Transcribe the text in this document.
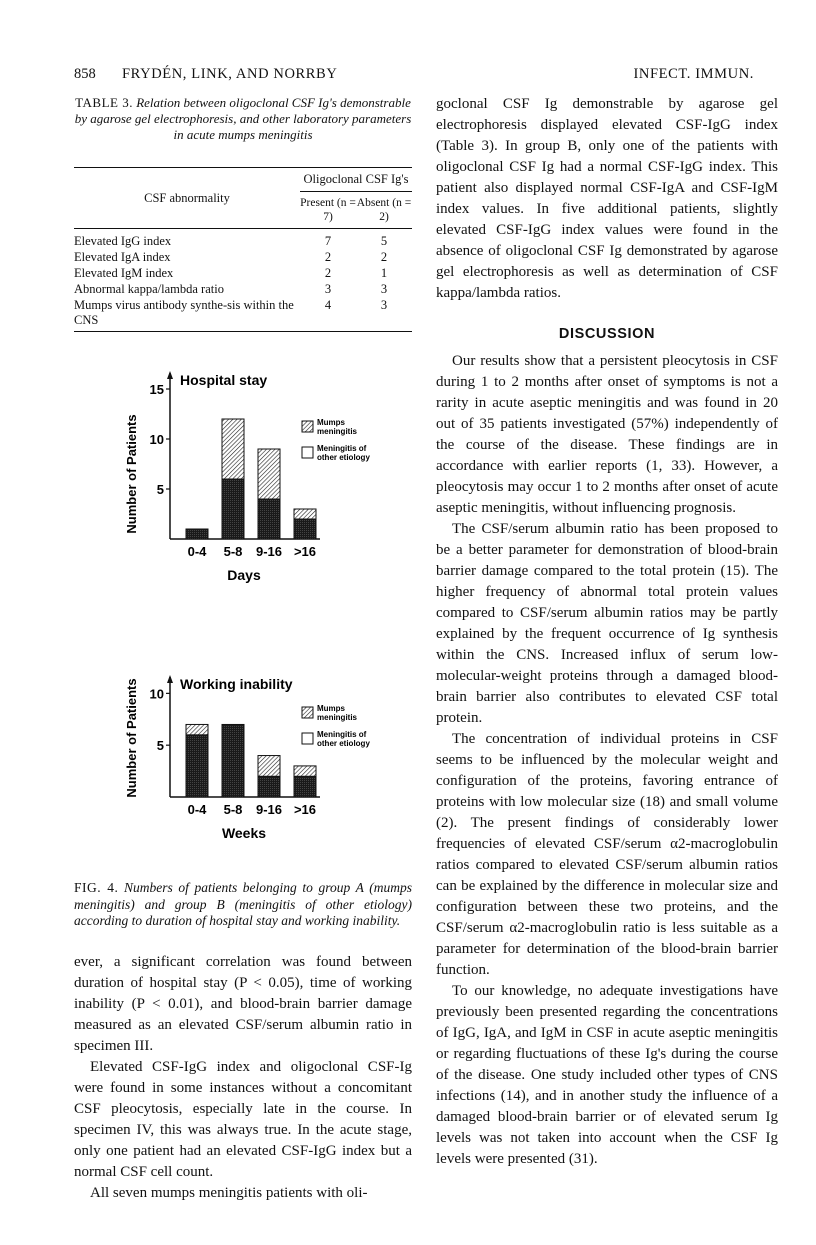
858 FRYDÉN, LINK, AND NORRBY	INFECT. IMMUN.
TABLE 3. Relation between oligoclonal CSF Ig's demonstrable by agarose gel electrophoresis, and other laboratory parameters in acute mumps meningitis
CSF abnormality	Oligoclonal CSF Ig's	
	Present (n = 7)	Absent (n = 2)
Elevated IgG index	7	5
Elevated IgA index	2	2
Elevated IgM index	2	1
Abnormal kappa/lambda ratio	3	3
Mumps virus antibody synthe-sis within the CNS	4	3
Number of Patients 5
10
15
Hospital stay
0-4 5-8 9-16 >16
Mumps
meningitis
Meningitis of
other etiology
Days
Number of Patients 5
10
Working inability
0-4 5-8 9-16 >16
Mumps
meningitis
Meningitis of
other etiology
Weeks
FIG. 4. Numbers of patients belonging to group A (mumps meningitis) and group B (meningitis of other etiology) according to duration of hospital stay and working inability.

ever, a significant correlation was found between duration of hospital stay (P < 0.05), time of working inability (P < 0.01), and blood-brain barrier damage measured as an elevated CSF/serum albumin ratio in specimen III.

Elevated CSF-IgG index and oligoclonal CSF-Ig were found in some instances without a concomitant CSF pleocytosis, especially late in the course. In specimen IV, this was always true. In the acute stage, only one patient had an elevated CSF-IgG index but a normal CSF cell count.

All seven mumps meningitis patients with oli-

goclonal CSF Ig demonstrable by agarose gel electrophoresis displayed elevated CSF-IgG index (Table 3). In group B, only one of the patients with oligoclonal CSF Ig had a normal CSF-IgG index. This patient also displayed normal CSF-IgA and CSF-IgM index values. In five additional patients, slightly elevated CSF-IgG index values were found in the absence of oligoclonal CSF Ig demonstrated by agarose gel electrophoresis as well as determination of CSF kappa/lambda ratios.

DISCUSSION

Our results show that a persistent pleocytosis in CSF during 1 to 2 months after onset of symptoms is not a rarity in acute aseptic meningitis and was found in 20 out of 35 patients investigated (57%) independently of the course of the disease. These findings are in accordance with earlier reports (1, 33). However, a pleocytosis may occur 1 to 2 months after onset of acute aseptic meningitis, without influencing prognosis.

The CSF/serum albumin ratio has been proposed to be a better parameter for demonstration of blood-brain barrier damage compared to the total protein (15). The higher frequency of abnormal total protein values compared to CSF/serum albumin ratios may be partly explained by the frequent occurrence of Ig synthesis within the CNS. Increased influx of serum low-molecular-weight proteins through a damaged blood-brain barrier also contributes to elevated CSF total protein.

The concentration of individual proteins in CSF seems to be influenced by the molecular weight and configuration of the proteins, favoring entrance of proteins with low molecular size (18) and small volume (2). The present findings of considerably lower frequencies of elevated CSF/serum α2-macroglobulin ratios compared to elevated CSF/serum albumin ratios can be explained by the difference in molecular size and configuration between these two proteins, and the CSF/serum α2-macroglobulin ratio is less suitable as a parameter for determination of the blood-brain barrier function.

To our knowledge, no adequate investigations have previously been presented regarding the concentrations of IgG, IgA, and IgM in CSF in acute aseptic meningitis or regarding fluctuations of these Ig's during the course of the disease. One study included other types of CNS infections (14), and in another study the influence of a damaged blood-brain barrier or of elevated serum Ig levels was not taken into account when the CSF Ig levels were presented (31).
